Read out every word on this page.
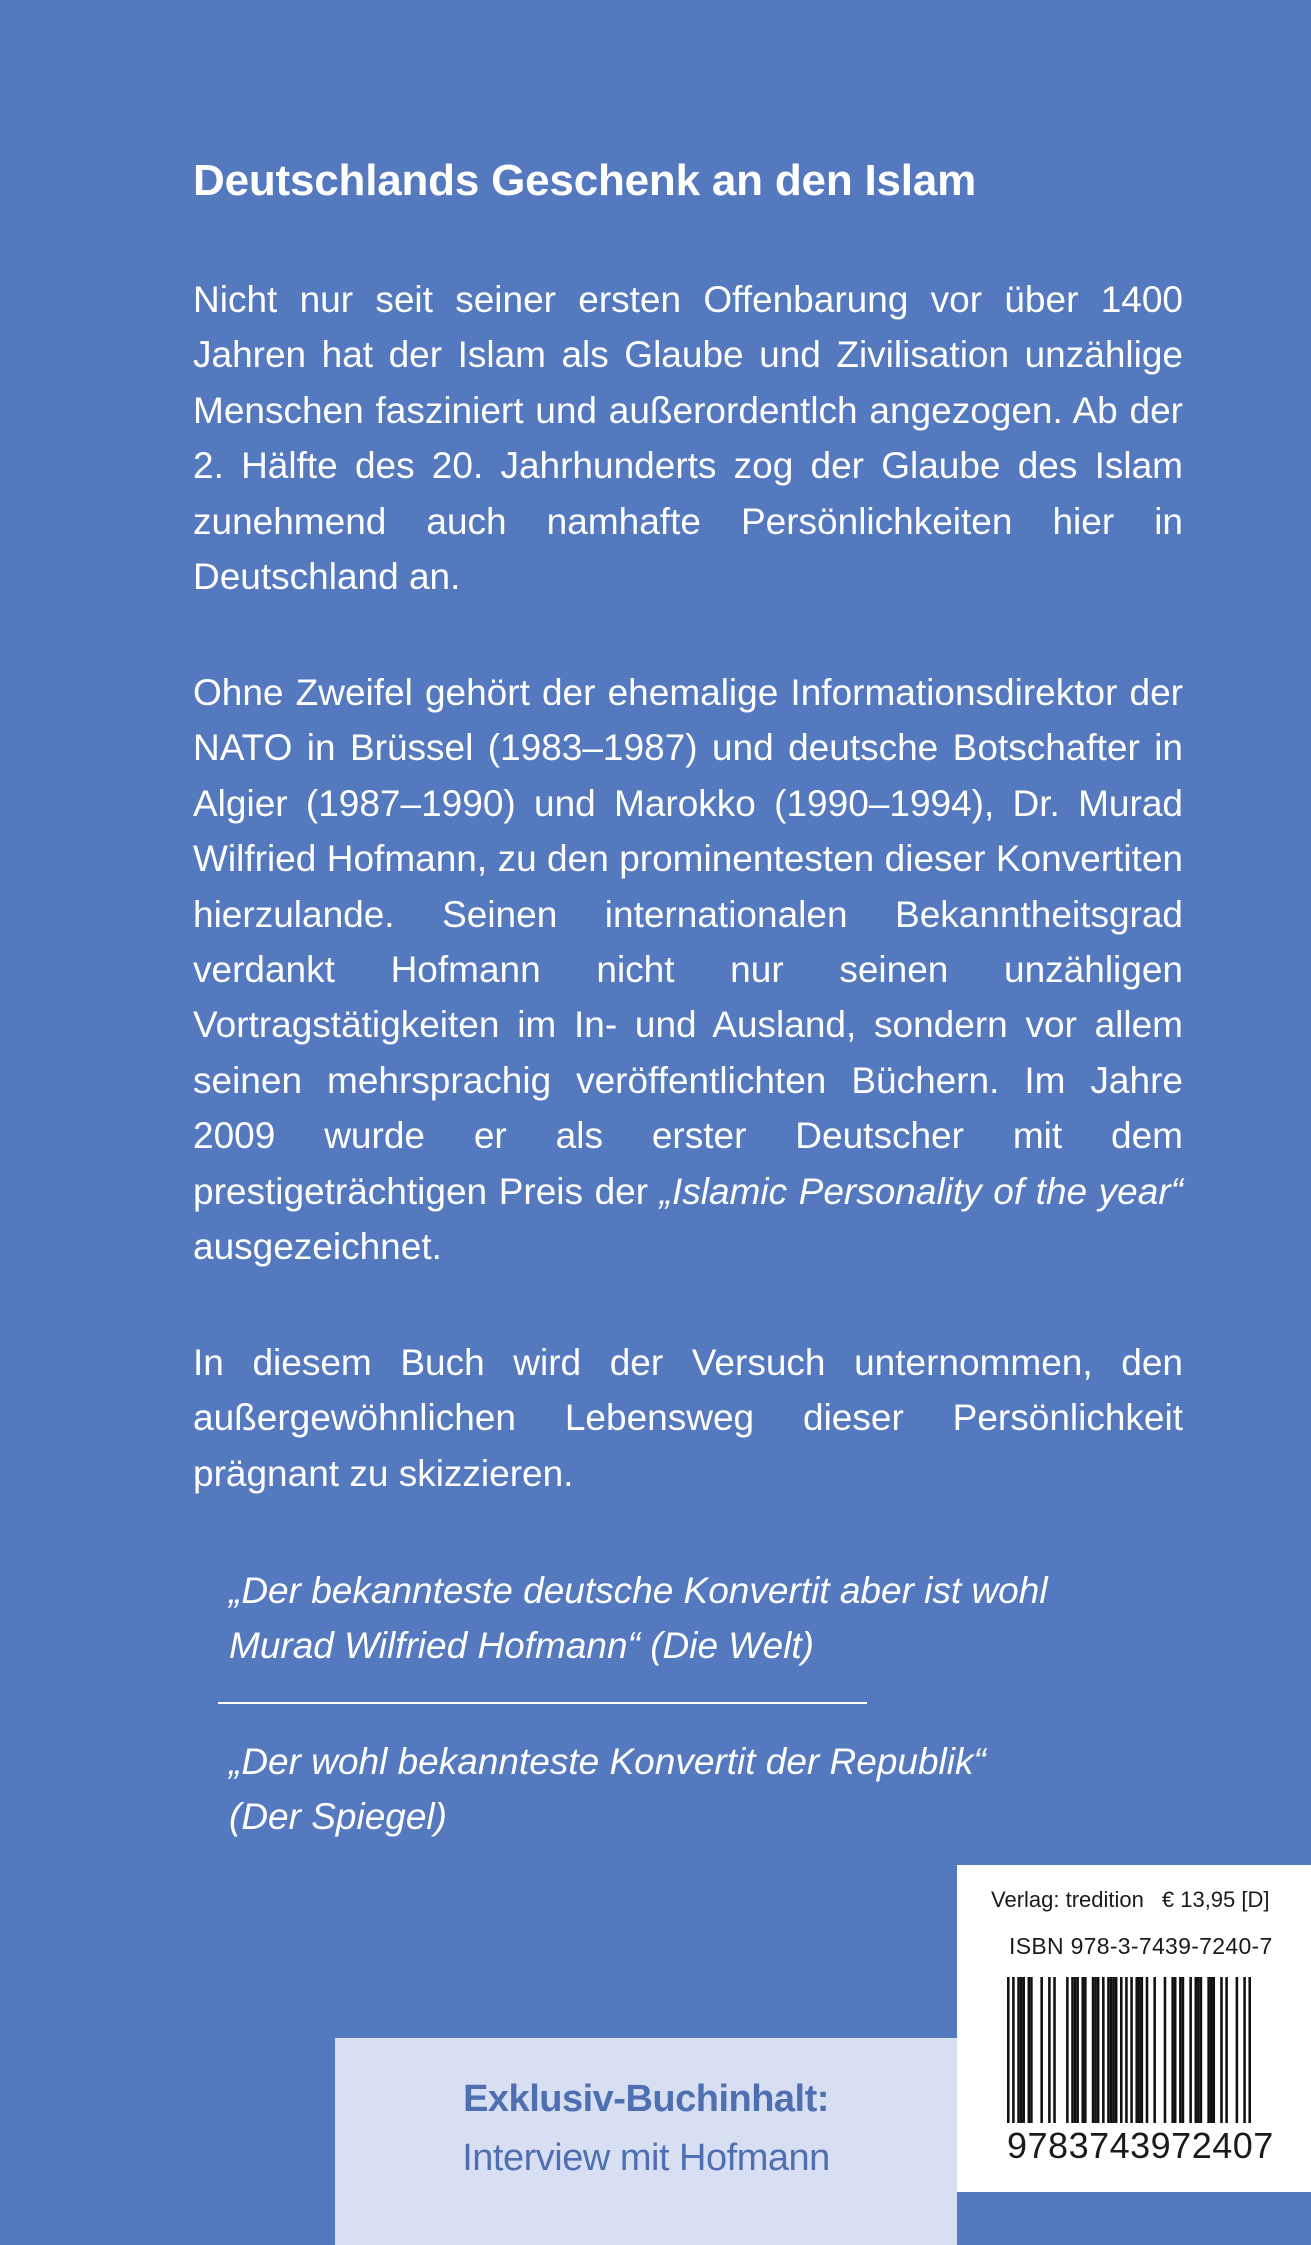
Deutschlands Geschenk an den Islam

Nicht nur seit seiner ersten Offenbarung vor über 1400 Jahren hat der Islam als Glaube und Zivilisation unzählige Menschen fasziniert und außerordentlch angezogen. Ab der 2. Hälfte des 20. Jahrhunderts zog der Glaube des Islam zunehmend auch namhafte Persönlichkeiten hier in Deutschland an.

Ohne Zweifel gehört der ehemalige Informationsdirektor der NATO in Brüssel (1983–1987) und deutsche Botschafter in Algier (1987–1990) und Marokko (1990–1994), Dr. Murad Wilfried Hofmann, zu den prominentesten dieser Konvertiten hierzulande. Seinen internationalen Bekanntheitsgrad verdankt Hofmann nicht nur seinen unzähligen Vortragstätigkeiten im In- und Ausland, sondern vor allem seinen mehrsprachig veröffentlichten Büchern. Im Jahre 2009 wurde er als erster Deutscher mit dem prestigeträchtigen Preis der „Islamic Personality of the year“ ausgezeichnet.

In diesem Buch wird der Versuch unternommen, den außergewöhnlichen Lebensweg dieser Persönlichkeit prägnant zu skizzieren.

„Der bekannteste deutsche Konvertit aber ist wohl Murad Wilfried Hofmann“ (Die Welt)

„Der wohl bekannteste Konvertit der Republik“
(Der Spiegel)

Exklusiv-Buchinhalt:
Interview mit Hofmann
Verlag: tredition € 13,95 [D]
ISBN 978-3-7439-7240-7
9783743972407
